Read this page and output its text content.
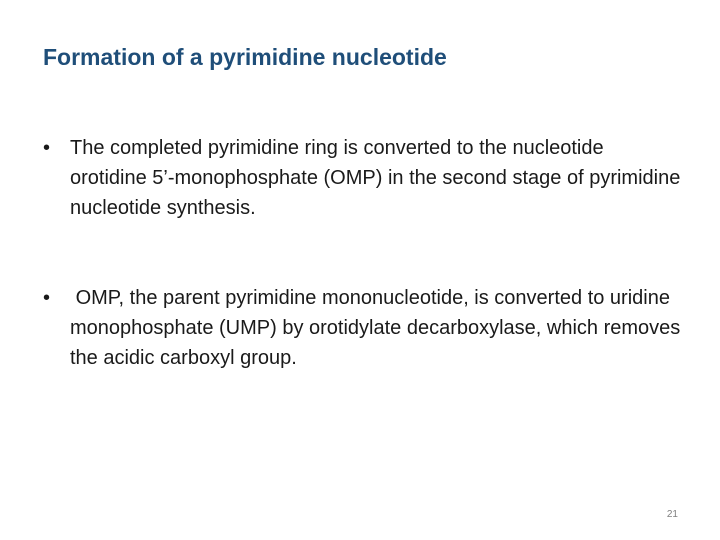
Formation of a pyrimidine nucleotide
• The completed pyrimidine ring is converted to the nucleotide orotidine 5’-monophosphate (OMP) in the second stage of pyrimidine nucleotide synthesis.
• OMP, the parent pyrimidine mononucleotide, is converted to uridine monophosphate (UMP) by orotidylate decarboxylase, which removes the acidic carboxyl group.
21
